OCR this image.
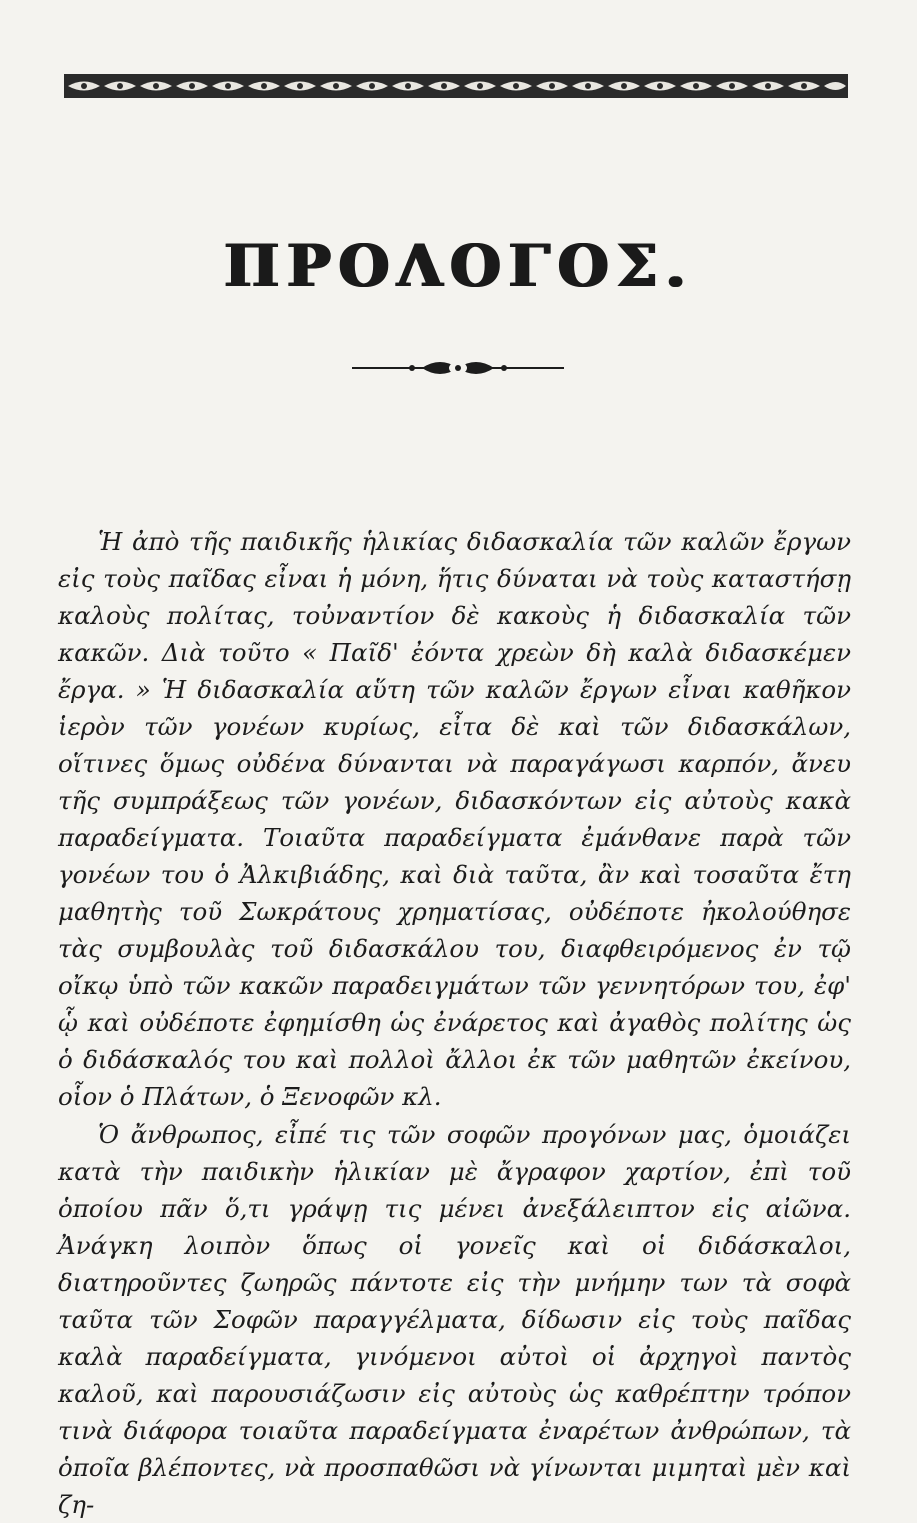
ΠΡΟΛΟΓΟΣ.

Ἡ ἀπὸ τῆς παιδικῆς ἡλικίας διδασκαλία τῶν καλῶν ἔργων εἰς τοὺς παῖδας εἶναι ἡ μόνη, ἥτις δύναται νὰ τοὺς καταστήσῃ καλοὺς πολίτας, τοὐναντίον δὲ κακοὺς ἡ διδασκαλία τῶν κακῶν. Διὰ τοῦτο « Παῖδ' ἐόντα χρεὼν δὴ καλὰ διδασκέμεν ἔργα. » Ἡ διδασκαλία αὕτη τῶν καλῶν ἔργων εἶναι καθῆκον ἱερὸν τῶν γονέων κυρίως, εἶτα δὲ καὶ τῶν διδασκάλων, οἵτινες ὅμως οὐδένα δύνανται νὰ παραγάγωσι καρπόν, ἄνευ τῆς συμπράξεως τῶν γονέων, διδασκόντων εἰς αὐτοὺς κακὰ παραδείγματα. Τοιαῦτα παραδείγματα ἐμάνθανε παρὰ τῶν γονέων του ὁ Ἀλκιβιάδης, καὶ διὰ ταῦτα, ἂν καὶ τοσαῦτα ἔτη μαθητὴς τοῦ Σωκράτους χρηματίσας, οὐδέποτε ἠκολούθησε τὰς συμβουλὰς τοῦ διδασκάλου του, διαφθειρόμενος ἐν τῷ οἴκῳ ὑπὸ τῶν κακῶν παραδειγμάτων τῶν γεννητόρων του, ἐφ' ᾧ καὶ οὐδέποτε ἐφημίσθη ὡς ἐνάρετος καὶ ἀγαθὸς πολίτης ὡς ὁ διδάσκαλός του καὶ πολλοὶ ἄλλοι ἐκ τῶν μαθητῶν ἐκείνου, οἷον ὁ Πλάτων, ὁ Ξενοφῶν κλ.

Ὁ ἄνθρωπος, εἶπέ τις τῶν σοφῶν προγόνων μας, ὁμοιάζει κατὰ τὴν παιδικὴν ἡλικίαν μὲ ἄγραφον χαρτίον, ἐπὶ τοῦ ὁποίου πᾶν ὅ,τι γράψῃ τις μένει ἀνεξάλειπτον εἰς αἰῶνα. Ἀνάγκη λοιπὸν ὅπως οἱ γονεῖς καὶ οἱ διδάσκαλοι, διατηροῦντες ζωηρῶς πάντοτε εἰς τὴν μνήμην των τὰ σοφὰ ταῦτα τῶν Σοφῶν παραγγέλματα, δίδωσιν εἰς τοὺς παῖδας καλὰ παραδείγματα, γινόμενοι αὐτοὶ οἱ ἀρχηγοὶ παντὸς καλοῦ, καὶ παρουσιάζωσιν εἰς αὐτοὺς ὡς καθρέπτην τρόπον τινὰ διάφορα τοιαῦτα παραδείγματα ἐναρέτων ἀνθρώπων, τὰ ὁποῖα βλέποντες, νὰ προσπαθῶσι νὰ γίνωνται μιμηταὶ μὲν καὶ ζη-
